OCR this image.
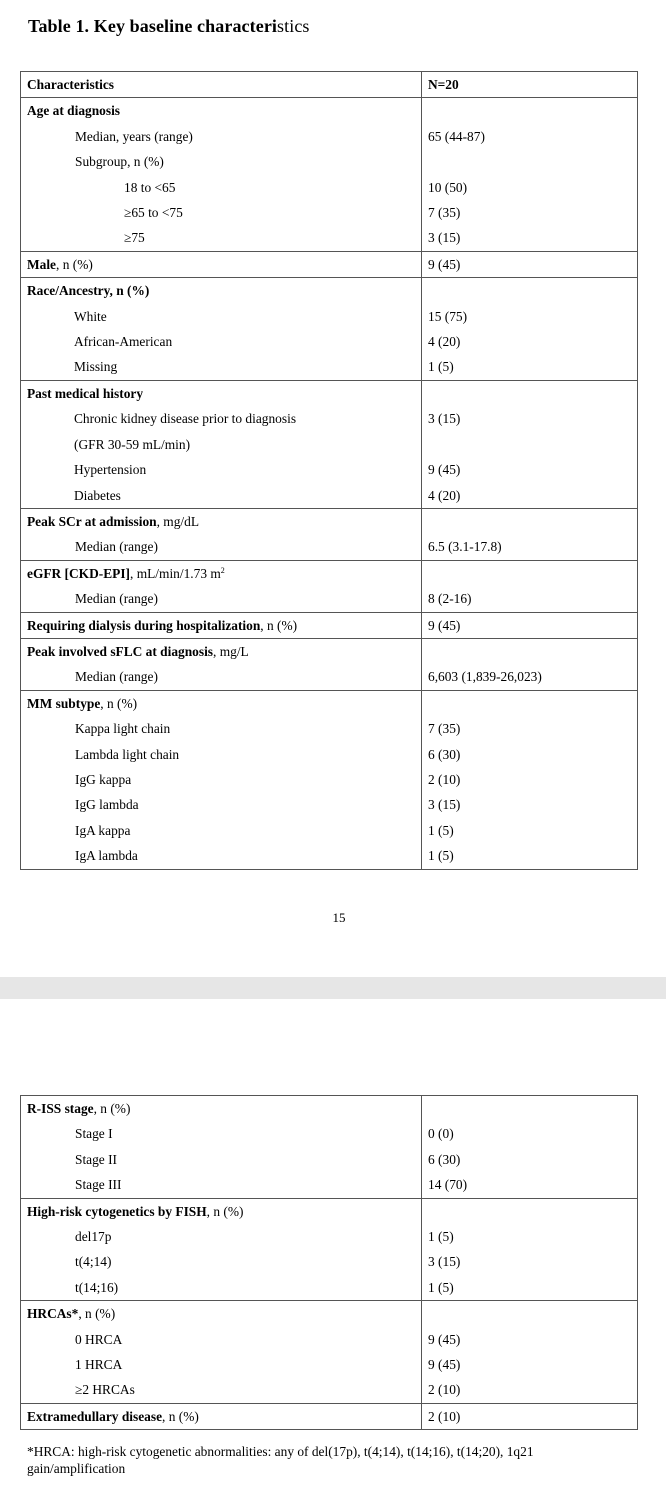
Table 1. Key baseline characteristics
Characteristics	N=20
Age at diagnosis	
Median, years (range)	65 (44-87)
Subgroup, n (%)	
18 to <65	10 (50)
≥65 to <75	7 (35)
≥75	3 (15)
Male, n (%)	9 (45)
Race/Ancestry, n (%)	
White	15 (75)
African-American	4 (20)
Missing	1 (5)
Past medical history	
Chronic kidney disease prior to diagnosis	3 (15)
(GFR 30-59 mL/min)	
Hypertension	9 (45)
Diabetes	4 (20)
Peak SCr at admission, mg/dL	
Median (range)	6.5 (3.1-17.8)
eGFR [CKD-EPI], mL/min/1.73 $m^2$	
Median (range)	8 (2-16)
Requiring dialysis during hospitalization, n (%)	9 (45)
Peak involved sFLC at diagnosis, mg/L	
Median (range)	6,603 (1,839-26,023)
MM subtype, n (%)	
Kappa light chain	7 (35)
Lambda light chain	6 (30)
IgG kappa	2 (10)
IgG lambda	3 (15)
IgA kappa	1 (5)
IgA lambda	1 (5)
15
R-ISS stage, n (%)	
Stage I	0 (0)
Stage II	6 (30)
Stage III	14 (70)
High-risk cytogenetics by FISH, n (%)	
del17p	1 (5)
t(4;14)	3 (15)
t(14;16)	1 (5)
HRCAs*, n (%)	
0 HRCA	9 (45)
1 HRCA	9 (45)
≥2 HRCAs	2 (10)
Extramedullary disease, n (%)	2 (10)
*HRCA: high-risk cytogenetic abnormalities: any of del(17p), t(4;14), t(14;16), t(14;20), 1q21 gain/amplification
